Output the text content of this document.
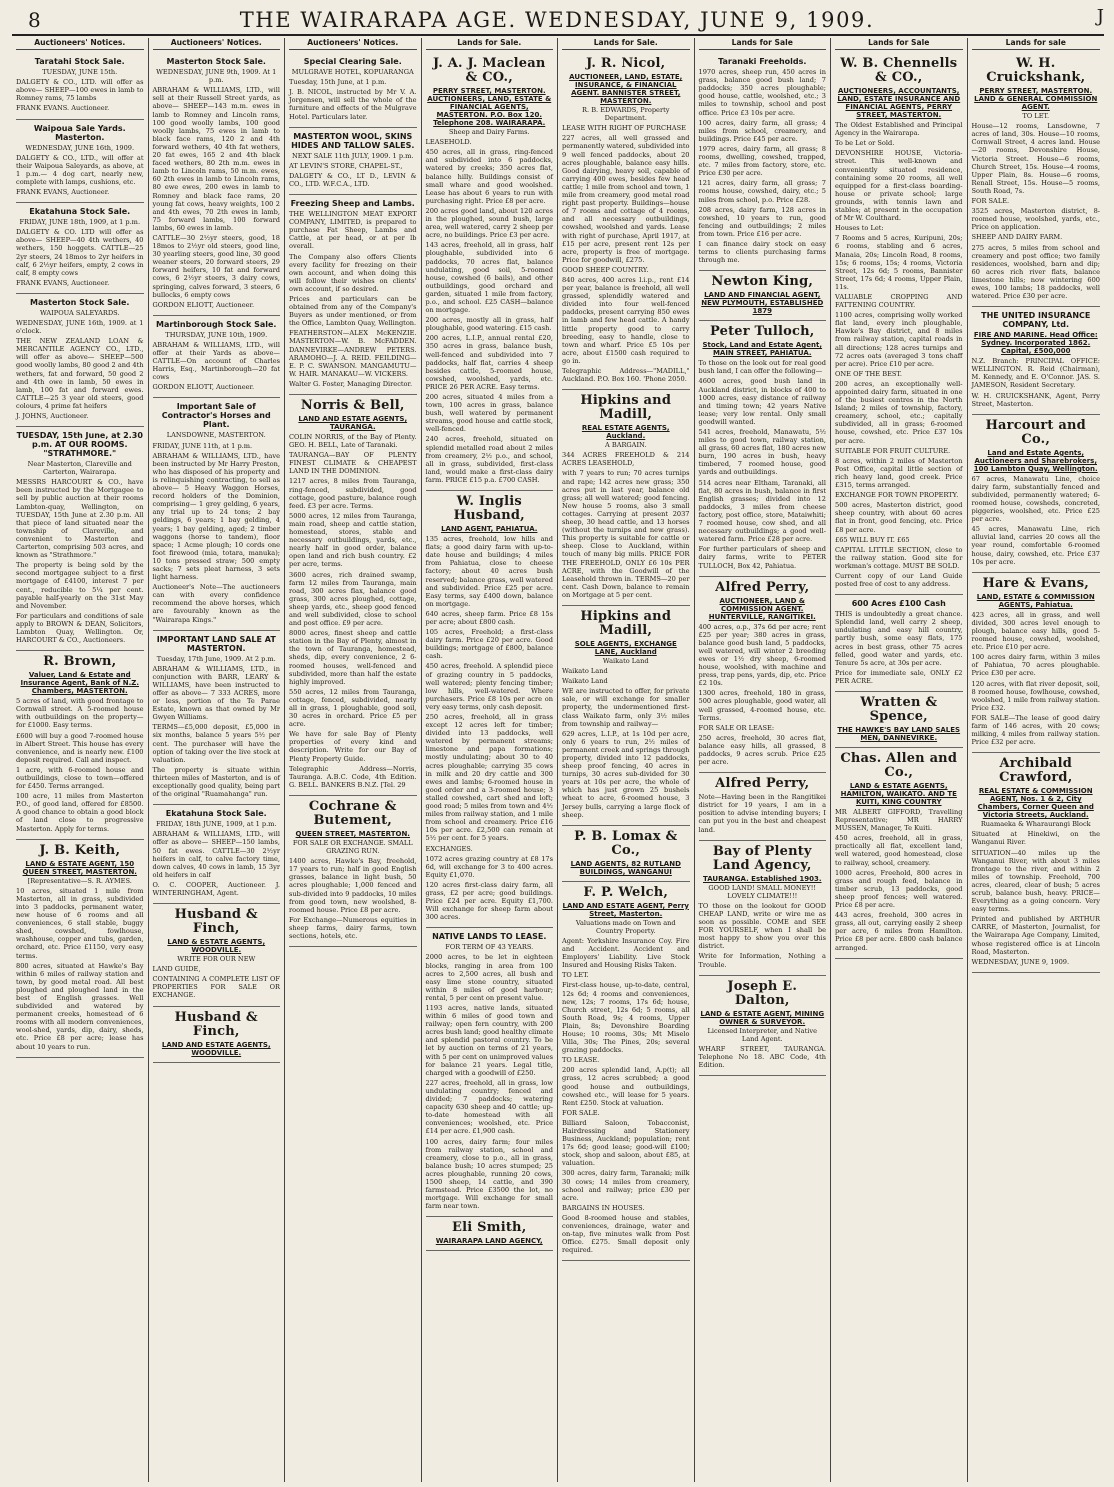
8	THE WAIRARAPA AGE. WEDNESDAY, JUNE 9, 1909.	J
Auctioneers' Notices.
Taratahi Stock Sale.

TUESDAY, JUNE 15th.

DALGETY & CO., LTD. will offer as above— SHEEP—100 ewes in lamb to Romney rams, 75 lambs

FRANK EVANS. Auctioneer.

Waipoua Sale Yards. Masterton.

WEDNESDAY, JUNE 16th, 1909.

DALGETY & CO., LTD., will offer at their Waipoua Saleyards, as above, at 1 p.m.— 4 dog cart, nearly new, complete with lamps, cushions, etc.

FRANK EVANS, Auctioneer.

Ekatahuna Stock Sale.

FRIDAY, JUNE 18th, 1909, at 1 p.m.

DALGETY & CO. LTD will offer as above— SHEEP—40 4th wethers, 40 wethers, 150 hoggets. CATTLE—25 2yr steers, 24 18mos to 2yr heifers in calf, 6 2½yr heifers, empty, 2 cows in calf, 8 empty cows

FRANK EVANS, Auctioneer.

Masterton Stock Sale.

WAIPOUA SALEYARDS.

WEDNESDAY, JUNE 16th, 1909. at 1 o'clock.

THE NEW ZEALAND LOAN & MERCANTILE AGENCY CO., LTD., will offer as above— SHEEP—500 good woolly lambs, 80 good 2 and 4th wethers, fat and forward, 50 good 2 and 4th owe in lamb, 50 ewes in lamb, 100 fat and forward ewes. CATTLE—25 3 year old steers, good colours, 4 prime fat heifers

J. JOHNS, Auctioneer.

TUESDAY, 15th June, at 2.30 p.m. AT OUR ROOMS. "STRATHMORE."

Near Masterton, Clareville and Carterton, Wairarapa.

MESSRS HARCOURT & CO., have been instructed by the Mortgagee to sell by public auction at their rooms Lambton-quay, Wellington, on TUESDAY, 15th June at 2.30 p.m. All that piece of land situated near the township of Clareville, and convenient to Masterton and Carterton, comprising 503 acres, and known as "Strathmore."

The property is being sold by the second mortgagee subject to a first mortgage of £4100, interest 7 per cent., reducible to 5¼ per cent. payable half-yearly on the 31st May and November.

For particulars and conditions of sale apply to BROWN & DEAN, Solicitors, Lambton Quay, Wellington. Or, HARCOURT & CO., Auctioneers.

R. Brown,
Valuer, Land & Estate and Insurance Agent, Bank of N.Z. Chambers, MASTERTON.

5 acres of land, with good frontage to Cornwall street. A 5-roomed house with outbuildings on the property—for £1000. Easy terms.

£600 will buy a good 7-roomed house in Albert Street. This house has every convenience, and is nearly new. £100 deposit required. Call and inspect.

1 acre, with 6-roomed house and outbuildings, close to town—offered for £450. Terms arranged.

100 acre, 11 miles from Masterton P.O., of good land, offered for £8500. A good chance to obtain a good block of land close to progressive Masterton. Apply for terms.

J. B. Keith,
LAND & ESTATE AGENT, 150 QUEEN STREET, MASTERTON.

[Representative—S. R. AYMES.

10 acres, situated 1 mile from Masterton, all in grass, subdivided into 3 paddocks, permanent water, new house of 6 rooms and all conveniences, 6 stall stable, buggy shed, cowshed, fowlhouse, washhouse, copper and tubs, garden, orchard, etc. Price £1150, very easy terms.

800 acres, situated at Hawke's Bay within 6 miles of railway station and town, by good metal road. All best ploughed and ploughed land in the best of English grasses. Well subdivided and watered by permanent creeks, homestead of 6 rooms with all modern conveniences, wool-shed, yards, dip, dairy, sheds, etc. Price £8 per acre; lease has about 10 years to run.

Auctioneers' Notices.
Masterton Stock Sale.

WEDNESDAY, JUNE 9th, 1909. At 1 p.m.

ABRAHAM & WILLIAMS, LTD., will sell at their Russell Street yards, as above— SHEEP—143 m.m. ewes in lamb to Romney and Lincoln rams, 100 good woolly lambs, 100 good woolly lambs, 75 ewes in lamb to black face rams, 120 2 and 4th forward wethers, 40 4th fat wethers, 20 fat ewes, 165 2 and 4th black faced wethers, 80 2th m.m. ewes in lamb to Lincoln rams, 50 m.m. ewes, 60 2th ewes in lamb to Lincoln rams, 80 ewe ewes, 200 ewes in lamb to Romney and black face rams, 20 young fat cows, heavy weights, 100 2 and 4th ewes, 70 2th ewes in lamb, 75 forward lambs, 100 forward lambs, 60 ewes in lamb.

CATTLE—30 2½yr steers, good, 18 18mos to 2½yr old steers, good line, 30 yearling steers, good line, 30 good weaner steers, 20 forward steers, 29 forward heifers, 10 fat and forward cows, 6 2½yr steers, 3 dairy cows, springing, calves forward, 3 steers, 6 bullocks, 6 empty cows

GORDON ELIOTT, Auctioneer.

Martinborough Stock Sale.

THURSDAY, JUNE 10th, 1909.

ABRAHAM & WILLIAMS, LTD., will offer at their Yards as above— CATTLE—On account of Charles Harris, Esq., Martinborough—20 fat cows

GORDON ELIOTT, Auctioneer.

Important Sale of Contractor's Horses and Plant.

LANSDOWNE, MASTERTON.

FRIDAY, JUNE 11th, at 1 p.m.

ABRAHAM & WILLIAMS, LTD., have been instructed by Mr Harry Preston, who has disposed of his property and is relinquishing contracting, to sell as above— 5 Heavy Waggon Horses, record holders of the Dominion, comprising— 1 grey gelding, 6 years, any trial up to 24 tons; 2 bay geldings, 6 years; 1 bay gelding, 4 years; 1 bay gelding, aged; 2 timber waggons (horse to tandem), floor space; 1 Acme plough; 10 cords one foot firewood (mia, totara, manuka); 10 tons pressed straw; 500 empty sacks; 7 sets pleat harness, 3 sets light harness.

Auctioneer's Note—The auctioneers can with every confidence recommend the above horses, which are favourably known as the "Wairarapa Kings."

IMPORTANT LAND SALE AT MASTERTON.

Tuesday, 17th June, 1909. At 2 p.m.

ABRAHAM & WILLIAMS, LTD., in conjunction with BARR, LEARY & WILLIAMS, have been instructed to offer as above— 7 333 ACRES, more or less, portion of the Te Parae Estate, known as that owned by Mr Gwyen Williams.

TERMS—£5,000 deposit, £5,000 in six months, balance 5 years 5½ per cent. The purchaser will have the option of taking over the live stock at valuation.

The property is situate within thirteen miles of Masterton, and is of exceptionally good quality, being part of the original "Ruamahanga" run.

Ekatahuna Stock Sale.

FRIDAY, 18th JUNE, 1909, at 1 p.m.

ABRAHAM & WILLIAMS, LTD., will offer as above— SHEEP—150 lambs, 50 fat ewes. CATTLE—30 2½yr heifers in calf, to calve factory time, down calves, 40 cows in lamb, 15 3yr old heifers in calf

O. C. COOPER, Auctioneer. J. WINTERINGHAM, Agent.

Husband & Finch,
LAND & ESTATE AGENTS, WOODVILLE.

WRITE FOR OUR NEW

LAND GUIDE,

CONTAINING A COMPLETE LIST OF PROPERTIES FOR SALE OR EXCHANGE.

Husband & Finch,
LAND AND ESTATE AGENTS, WOODVILLE.
Auctioneers' Notices.
Special Clearing Sale.

MULGRAVE HOTEL, KOPUARANGA

Tuesday, 15th June, at 1 p.m.

J. B. NICOL, instructed by Mr V. A. Jorgensen, will sell the whole of the furniture and effects of the Mulgrave Hotel. Particulars later.

MASTERTON WOOL, SKINS HIDES AND TALLOW SALES.

NEXT SALE 11th JULY, 1909. 1 p.m.

AT LEVIN'S STORE, CHAPEL-ST.,

DALGETY & CO., LT D., LEVIN & CO., LTD. W.F.C.A., LTD.

Freezing Sheep and Lambs.

THE WELLINGTON MEAT EXPORT COMPANY, LIMITED, is prepared to purchase Fat Sheep, Lambs and Cattle, at per head, or at per lb overall.

The Company also offers Clients every facility for freezing on their own account, and when doing this will follow their wishes on clients' own account, if so desired.

Prices and particulars can be obtained from any of the Company's Buyers as under mentioned, or from the Office, Lambton Quay, Wellington.

FEATHERSTON—ALEX McKENZIE. MASTERTON—W. B. McFADDEN. DANNEVIRKE—ANDREW PETERS. ARAMOHO—J. A. REID. FEILDING—E. P. C. SWANSON. MANGAMUTU—W. HAIR. MANAKAU—W. VICKERS.

Walter G. Foster, Managing Director.

Norris & Bell,
LAND AND ESTATE AGENTS, TAURANGA.

COLIN NORRIS, of the Bay of Plenty. GEO. H. BELL, Late of Taranaki.

TAURANGA—BAY OF PLENTY FINEST CLIMATE & CHEAPEST LAND IN THE DOMINION.

1217 acres, 8 miles from Tauranga, ring-fenced, subdivided, good cottage, good pasture, balance rough feed. £3 per acre. Terms.

5000 acres, 12 miles from Tauranga, main road, sheep and cattle station, homestead, stores, stable and necessary outbuildings, yards, etc., nearly half in good order, balance open land and rich bush country. £2 per acre, terms.

3600 acres, rich drained swamp, farm 12 miles from Tauranga, main road, 300 acres flax, balance good grass, 300 acres ploughed, cottage, sheep yards, etc., sheep good fenced and well subdivided, close to school and post office. £9 per acre.

8000 acres, finest sheep and cattle station in the Bay of Plenty, almost in the town of Tauranga, homestead, sheds, dip, every convenience, 2 6-roomed houses, well-fenced and subdivided, more than half the estate highly improved.

550 acres, 12 miles from Tauranga, cottage, fenced, subdivided, nearly all in grass, 1 ploughable, good soil, 30 acres in orchard. Price £5 per acre.

We have for sale Bay of Plenty properties of every kind and description. Write for our Bay of Plenty Property Guide.

Telegraphic Address—Norris, Tauranga. A.B.C. Code, 4th Edition. G. BELL. BANKERS B.N.Z. [Tel. 29

Cochrane & Butement,
QUEEN STREET, MASTERTON.

FOR SALE OR EXCHANGE. SMALL GRAZING RUN.

1400 acres, Hawke's Bay, freehold, 17 years to run; half in good English grasses, balance in light bush, 50 acres ploughable; 1,000 fenced and sub-divided into 9 paddocks, 10 miles from good town, new woolshed, 8-roomed house. Price £8 per acre.

For Exchange—Numerous equities in sheep farms, dairy farms, town sections, hotels, etc.

Lands for Sale.
J. A. J. Maclean & CO.,
PERRY STREET, MASTERTON. AUCTIONEERS, LAND, ESTATE & FINANCIAL AGENTS, MASTERTON. P.O. Box 120. Telephone 208. WAIRARAPA.

Sheep and Dairy Farms.

LEASEHOLD.

450 acres, all in grass, ring-fenced and subdivided into 6 paddocks, watered by creeks; 350 acres flat, balance hilly. Buildings consist of small whare and good woolshed. Lease has about 6 years to run with purchasing right. Price £8 per acre.

200 acres good land, about 120 acres in the ploughed, sound bush, large area, well watered, carry 2 sheep per acre, no buildings. Price £3 per acre.

143 acres, freehold, all in grass, half ploughable, subdivided into 6 paddocks, 70 acres flat, balance undulating, good soil, 5-roomed house, cowshed (6 bails), and other outbuildings, good orchard and garden, situated 1 mile from factory, p.o., and school. £25 CASH—balance on mortgage.

200 acres, mostly all in grass, half ploughable, good watering. £15 cash.

200 acres, L.I.P., annual rental £20, 350 acres in grass, balance bush, well-fenced and subdivided into 7 paddocks, half flat, carries 4 sheep besides cattle, 5-roomed house, cowshed, woolshed, yards, etc. PRICE 26 PER ACRE. Easy terms.

200 acres, situated 4 miles from a town, 100 acres in grass, balance bush, well watered by permanent streams, good house and cattle stock, well-fenced.

240 acres, freehold, situated on splendid metalled road about 2 miles from creamery, 2½ p.o., and school, all in grass, subdivided, first-class land, would make a first-class dairy farm. PRICE £15 p.a. £700 CASH.

W. Inglis Husband,
LAND AGENT, PAHIATUA.

135 acres, freehold, low hills and flats; a good dairy farm with up-to-date house and buildings; 4 miles from Pahiatua, close to cheese factory; about 40 acres bush reserved; balance grass, well watered and subdivided. Price £25 per acre. Easy terms, say £400 down, balance on mortgage.

640 acres, sheep farm. Price £8 15s per acre; about £800 cash.

105 acres, Freehold; a first-class dairy farm. Price £20 per acre. Good buildings; mortgage of £800, balance cash.

450 acres, freehold. A splendid piece of grazing country in 5 paddocks, well watered; plenty fencing timber; low hills, well-watered. Where purchasers. Price £8 10s per acre on very easy terms, only cash deposit.

250 acres, freehold, all in grass except 12 acres left for timber; divided into 13 paddocks, well watered by permanent streams; limestone and papa formations; mostly undulating; about 30 to 40 acres ploughable; carrying 35 cows in milk and 20 dry cattle and 300 ewes and lambs; 6-roomed house in good order and a 3-roomed house; 3 stalled cowshed, cart shed and loft; good road; 5 miles from town and 4½ miles from railway station, and 1 mile from school and creamery. Price £16 10s per acre. £2,500 can remain at 5½ per cent. for 5 years.

EXCHANGES.

1072 acres grazing country at £8 17s 6d, will exchange for 3 to 400 acres. Equity £1,070.

120 acres first-class dairy farm, all grass, £2 per acre; good buildings. Price £24 per acre. Equity £1,700. Will exchange for sheep farm about 300 acres.

NATIVE LANDS TO LEASE.

FOR TERM OF 43 YEARS.

2000 acres, to be let in eighteen blocks, ranging in area from 100 acres to 2,500 acres, all bush and easy lime stone country, situated within 8 miles of good harbour; rental, 5 per cent on present value.

1193 acres, native lands, situated within 6 miles of good town and railway; open fern country, with 200 acres bush land; good healthy climate and splendid pastoral country. To be let by auction on terms of 21 years, with 5 per cent on unimproved values for balance 21 years. Legal title, charged with a goodwill of £250.

227 acres, freehold, all in grass, low undulating country; fenced and divided; 7 paddocks; watering capacity 630 sheep and 40 cattle; up-to-date homestead with all conveniences; woolshed, etc. Price £14 per acre. £1,900 cash.

100 acres, dairy farm; four miles from railway station, school and creamery, close to p.o., all in grass, balance bush; 10 acres stumped; 25 acres ploughable, running 20 cows, 1500 sheep, 14 cattle, and 390 farmstead. Price £3500 the lot, no mortgage. Will exchange for small farm near town.

Eli Smith,
WAIRARAPA LAND AGENCY,
Lands for Sale.
J. R. Nicol,
AUCTIONEER, LAND, ESTATE, INSURANCE, & FINANCIAL AGENT. BANNISTER STREET, MASTERTON.

R. B. EDWARDS, Property Department.

LEASE WITH RIGHT OF PURCHASE

227 acres, all well grassed and permanently watered, subdivided into 9 well fenced paddocks, about 20 acres ploughable, balance easy hills. Good dairying, heavy soil, capable of carrying 400 ewes, besides few head cattle; 1 mile from school and town, 1 mile from creamery, good metal road right past property. Buildings—house of 7 rooms and cottage of 4 rooms, and all necessary outbuildings, cowshed, woolshed and yards. Lease with right of purchase, April 1917, at £15 per acre, present rent 12s per acre, property is free of mortgage. Price for goodwill, £275.

GOOD SHEEP COUNTRY.

840 acres, 400 acres l.i.p., rent £14 per year, balance is freehold, all well grassed, splendidly watered and divided into four well-fenced paddocks, present carrying 850 ewes in lamb and few head cattle. A handy little property good to carry breeding, easy to handle, close to town and wharf. Price £5 10s per acre, about £1500 cash required to go in.

Telegraphic Address—"MADILL," Auckland. P.O. Box 160. 'Phone 2050.

Hipkins and Madill,
REAL ESTATE AGENTS, Auckland.

A BARGAIN.

344 ACRES FREEHOLD & 214 ACRES LEASEHOLD,

with 7 years to run; 70 acres turnips and rape; 142 acres new grass; 350 acres put in last year, balance old grass; all well watered; good fencing. New house 5 rooms, also 3 small cottages. Carrying at present 2037 sheep, 30 head cattle, and 13 horses (without the turnips and new grass). This property is suitable for cattle or sheep. Close to Auckland, within touch of many big mills. PRICE FOR THE FREEHOLD, ONLY £6 10s PER ACRE, with the Goodwill of the Leasehold thrown in. TERMS—20 per cent. Cash Down, balance to remain on Mortgage at 5 per cent.

Hipkins and Madill,
SOLE AGENTS, EXCHANGE LANE, Auckland

Waikato Land

Waikato Land

Waikato Land

WE are instructed to offer, for private sale, or will exchange for smaller property, the undermentioned first-class Waikato farm, only 3½ miles from township and railway—

629 acres, L.I.P., at 1s 10d per acre, only 6 years to run, 2½ miles of permanent creek and springs through property, divided into 12 paddocks, sheep proof fencing, 40 acres in turnips, 30 acres sub-divided for 30 years at 10s per acre, the whole of which has just grown 25 bushels wheat to acre, 6-roomed house, 3 Jersey bulls, carrying a large flock of sheep.

P. B. Lomax & Co.,
LAND AGENTS, 82 RUTLAND BUILDINGS, WANGANUI
F. P. Welch,
LAND AND ESTATE AGENT, Perry Street, Masterton.

Valuations made on Town and Country Property.

Agent: Yorkshire Insurance Coy. Fire and Accident. Accident and Employers' Liability. Live Stock Insured and Housing Risks Taken.

TO LET.

First-class house, up-to-date, central, 12s 6d; 4 rooms and conveniences, new, 12s; 7 rooms, 17s 6d; house, Church street, 12s 6d; 5 rooms, all South Road, 9s; 4 rooms, Upper Plain, 8s; Devonshire Boarding House; 10 rooms, 30s; Mt Miselo Villa, 30s; The Pines, 20s; several grazing paddocks.

TO LEASE.

200 acres splendid land, A.p(t); all grass, 12 acres scrubbed; a good good house and outbuildings, cowshed etc., will lease for 5 years. Rent £250. Stock at valuation.

FOR SALE.

Billiard Saloon, Tobacconist, Hairdressing and Stationery Business, Auckland; population; rent 17s 6d; good lease; good-will £100; stock, shop and saloon, about £85, at valuation.

300 acres, dairy farm, Taranaki; milk 30 cows; 14 miles from creamery, school and railway; price £30 per acre.

BARGAINS IN HOUSES.

Good 8-roomed house and stables, conveniences, drainage, water and on-tap, five minutes walk from Post Office. £275. Small deposit only required.

Lands for Sale
Taranaki Freeholds.

1970 acres, sheep run, 450 acres in grass, balance good bush land; 7 paddocks; 350 acres ploughable; good house, cattle, woolshed, etc.; 3 miles to township, school and post office. Price £3 10s per acre.

100 acres, dairy farm, all grass; 4 miles from school, creamery, and buildings. Price £45 per acre.

1979 acres, dairy farm, all grass; 8 rooms, dwelling, cowshed, trapped, etc. 7 miles from factory, store, etc. Price £30 per acre.

121 acres, dairy farm, all grass; 7 rooms house, cowshed, dairy, etc.; 5 miles from school, p.o. Price £28.

208 acres, dairy farm, 128 acres in cowshed, 10 years to run, good fencing and outbuildings; 2 miles from town. Price £16 per acre.

I can finance dairy stock on easy terms to clients purchasing farms through me.

Newton King,
LAND AND FINANCIAL AGENT, NEW PLYMOUTH, ESTABLISHED 1879
Peter Tulloch,
Stock, Land and Estate Agent, MAIN STREET, PAHIATUA.

To those on the look out for real good bush land, I can offer the following—

4600 acres, good bush land in Auckland district, in blocks of 400 to 1000 acres, easy distance of railway and timing town; 42 years Native lease; very low rental. Only small goodwill wanted.

541 acres, freehold, Manawatu, 5½ miles to good town, railway station, all grass, 60 acres flat, 180 acres new burn, 190 acres in bush, heavy timbered, 7 roomed house, good yards and outbuildings.

514 acres near Eltham, Taranaki, all flat, 80 acres in bush, balance in first English grasses; divided into 12 paddocks, 3 miles from cheese factory, post office, store, Mataiwhiti; 7 roomed house, cow shed, and all necessary outbuildings; a good well-watered farm. Price £28 per acre.

For further particulars of sheep and dairy farms, write to PETER TULLOCH, Box 42, Pahiatua.

Alfred Perry,
AUCTIONEER, LAND & COMMISSION AGENT. HUNTERVILLE, RANGITIKEI.

400 acres, o.p., 37s 6d per acre; rent £25 per year; 380 acres in grass, balance good bush land, 5 paddocks, well watered, will winter 2 breeding ewes or 1½ dry sheep, 6-roomed house, woolshed, with machine and press, trap pens, yards, dip, etc. Price £2 10s.

1300 acres, freehold, 180 in grass, 500 acres ploughable, good water, all well grassed, 4-roomed house, etc. Terms.

FOR SALE OR LEASE:

250 acres, freehold, 30 acres flat, balance easy hills, all grassed, 8 paddocks, 9 acres scrub. Price £25 per acre.

Alfred Perry,

Note—Having been in the Rangitikei district for 19 years, I am in a position to advise intending buyers; I can put you in the best and cheapest land.

Bay of Plenty Land Agency,
TAURANGA. Established 1903.

GOOD LAND! SMALL MONEY!! LOVELY CLIMATE!!!

TO those on the lookout for GOOD CHEAP LAND, write or wire me as soon as possible. COME and SEE FOR YOURSELF, when I shall be most happy to show you over this district.

Write for Information, Nothing a Trouble.

Joseph E. Dalton,
LAND & ESTATE AGENT, MINING OWNER & SURVEYOR.

Licensed Interpreter, and Native Land Agent.

WHARF STREET, TAURANGA. Telephone No 18. ABC Code, 4th Edition.

Lands for Sale
W. B. Chennells & CO.,
AUCTIONEERS, ACCOUNTANTS, LAND, ESTATE INSURANCE AND FINANCIAL AGENTS, PERRY STREET, MASTERTON.

The Oldest Established and Principal Agency in the Wairarapa.

To be Let or Sold.

DEVONSHIRE HOUSE, Victoria-street. This well-known and conveniently situated residence, containing some 20 rooms, all well equipped for a first-class boarding-house or private school; large grounds, with tennis lawn and stables; at present in the occupation of Mr W. Coulthard.

Houses to Let:

7 Rooms and 5 acres, Kuripuni, 20s; 6 rooms, stabling and 6 acres, Manaia, 20s; Lincoln Road, 8 rooms, 15s; 6 rooms, 15s; 4 rooms, Victoria Street, 12s 6d; 5 rooms, Bannister Street, 17s 6d; 4 rooms, Upper Plain, 11s.

VALUABLE CROPPING AND FATTENING COUNTRY.

1100 acres, comprising wolly worked flat land, every inch ploughable, Hawke's Bay district, and 8 miles from railway station, capital roads in all directions; 128 acres turnips and 72 acres oats (averaged 3 tons chaff per acre). Price £10 per acre.

ONE OF THE BEST.

200 acres, an exceptionally well-appointed dairy farm, situated in one of the busiest centres in the North Island; 2 miles of township, factory, creamery, school, etc.; capitally subdivided, all in grass; 6-roomed house, cowshed, etc. Price £37 10s per acre.

SUITABLE FOR FRUIT CULTURE.

8 acres, within 2 miles of Masterton Post Office, capital little section of rich heavy land, good creek. Price £315, terms arranged.

EXCHANGE FOR TOWN PROPERTY.

500 acres, Masterton district, good sheep country, with about 60 acres flat in front, good fencing, etc. Price £8 per acre.

£65 WILL BUY IT. £65

CAPITAL LITTLE SECTION, close to the railway station. Good site for workman's cottage. MUST BE SOLD.

Current copy of our Land Guide posted free of cost to any address.

600 Acres £100 Cash

THIS is undoubtedly a great chance. Splendid land, well carry 2 sheep, undulating and easy hill country, partly bush, some easy flats, 175 acres in best grass, other 75 acres felled, good water and yards, etc. Tenure 5s acre, at 30s per acre.

Price for immediate sale, ONLY £2 PER ACRE.

Wratten & Spence,
THE HAWKE'S BAY LAND SALES MEN, DANNEVIRKE.
Chas. Allen and Co.,
LAND & ESTATE AGENTS, HAMILTON, WAIKATO. AND TE KUITI, KING COUNTRY

MR ALBERT GIFFORD, Travelling Representative; MR HARRY MUSSEN, Manager, Te Kuiti.

450 acres, freehold, all in grass, practically all flat, excellent land, well watered, good homestead, close to railway, school, creamery.

1000 acres, Freehold, 800 acres in grass and rough feed, balance in timber scrub, 13 paddocks, good sheep proof fences; well watered. Price £8 per acre.

443 acres, freehold, 300 acres in grass, all out, carrying easily 2 sheep per acre, 6 miles from Hamilton. Price £8 per acre. £800 cash balance arranged.

Lands for sale
W. H. Cruickshank,
PERRY STREET, MASTERTON. LAND & GENERAL COMMISSION AGENT.

TO LET.

House—12 rooms, Lansdowne, 7 acres of land, 30s. House—10 rooms, Cornwall Street, 4 acres land. House—20 rooms, Devonshire House, Victoria Street. House—6 rooms, Church Street, 15s. House—4 rooms, Upper Plain, 8s. House—6 rooms, Renall Street, 15s. House—5 rooms, South Road, 7s.

FOR SALE.

3525 acres, Masterton district, 8-roomed house, woolshed, yards, etc., Price on application.

SHEEP AND DAIRY FARM.

275 acres, 5 miles from school and creamery and post office; two family residences, woolshed, barn and dip; 60 acres rich river flats, balance limestone hills; now wintering 600 ewes, 100 lambs; 18 paddocks, well watered. Price £30 per acre.

THE UNITED INSURANCE COMPANY, Ltd.
FIRE AND MARINE. Head Office: Sydney. Incorporated 1862. Capital, £500,000

N.Z. Branch: PRINCIPAL OFFICE: WELLINGTON. R. Reid (Chairman), M. Kennedy, and E. O'Connor. JAS. S. JAMESON, Resident Secretary.

W. H. CRUICKSHANK, Agent, Perry Street, Masterton.

Harcourt and Co.,
Land and Estate Agents, Auctioneers and Sharebrokers, 100 Lambton Quay, Wellington.

67 acres, Manawatu Line, choice dairy farm, substantially fenced and subdivided, permanently watered; 6-roomed house, cowsheds, concreted, piggeries, woolshed, etc. Price £25 per acre.

45 acres, Manawatu Line, rich alluvial land, carries 20 cows all the year round, comfortable 6-roomed house, dairy, cowshed, etc. Price £37 10s per acre.

Hare & Evans,
LAND, ESTATE & COMMISSION AGENTS, Pahiatua.

423 acres, all in grass, and well divided, 300 acres level enough to plough, balance easy hills, good 5-roomed house, cowshed, woolshed, etc. Price £10 per acre.

100 acres dairy farm, within 3 miles of Pahiatua, 70 acres ploughable. Price £30 per acre.

120 acres, with flat river deposit, soil, 8 roomed house, fowlhouse, cowshed, woolshed, 1 mile from railway station. Price £32.

FOR SALE—The lease of good dairy farm of 146 acres, with 20 cows; milking, 4 miles from railway station. Price £32 per acre.

Archibald Crawford,
REAL ESTATE & COMMISSION AGENT, Nos. 1 & 2, City Chambers, Corner Queen and Victoria Streets, Auckland.

Ruamaeka & Wharaurangi Block

Situated at Hinekiwi, on the Wanganui River.

SITUATION—40 miles up the Wanganui River, with about 3 miles frontage to the river, and within 2 miles of township. Freehold, 700 acres, cleared, clear of bush; 5 acres scrub, balance bush, heavy. PRICE—Everything as a going concern. Very easy terms.

Printed and published by ARTHUR CARRE, of Masterton, Journalist, for the Wairarapa Age Company, Limited, whose registered office is at Lincoln Road, Masterton.

WEDNESDAY, JUNE 9, 1909.
